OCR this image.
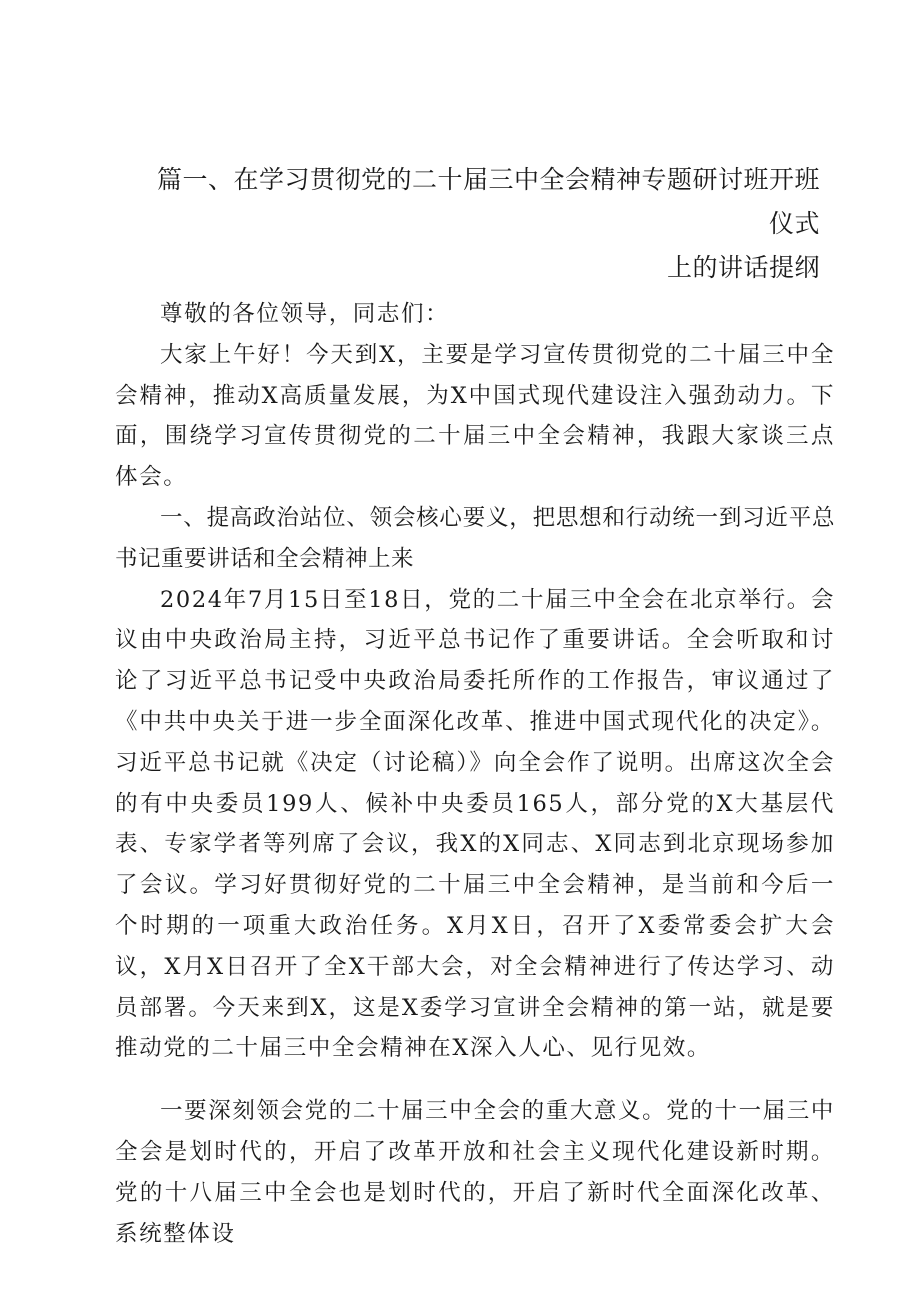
篇一、在学习贯彻党的二十届三中全会精神专题研讨班开班仪式
上的讲话提纲

尊敬的各位领导，同志们：

大家上午好！今天到X，主要是学习宣传贯彻党的二十届三中全会精神，推动X高质量发展，为X中国式现代建设注入强劲动力。下面，围绕学习宣传贯彻党的二十届三中全会精神，我跟大家谈三点体会。

一、提高政治站位、领会核心要义，把思想和行动统一到习近平总书记重要讲话和全会精神上来

2024年7月15日至18日，党的二十届三中全会在北京举行。会议由中央政治局主持，习近平总书记作了重要讲话。全会听取和讨论了习近平总书记受中央政治局委托所作的工作报告，审议通过了《中共中央关于进一步全面深化改革、推进中国式现代化的决定》。习近平总书记就《决定（讨论稿）》向全会作了说明。出席这次全会的有中央委员199人、候补中央委员165人，部分党的X大基层代表、专家学者等列席了会议，我X的X同志、X同志到北京现场参加了会议。学习好贯彻好党的二十届三中全会精神，是当前和今后一个时期的一项重大政治任务。X月X日，召开了X委常委会扩大会议，X月X日召开了全X干部大会，对全会精神进行了传达学习、动员部署。今天来到X，这是X委学习宣讲全会精神的第一站，就是要推动党的二十届三中全会精神在X深入人心、见行见效。

一要深刻领会党的二十届三中全会的重大意义。党的十一届三中全会是划时代的，开启了改革开放和社会主义现代化建设新时期。党的十八届三中全会也是划时代的，开启了新时代全面深化改革、系统整体设
